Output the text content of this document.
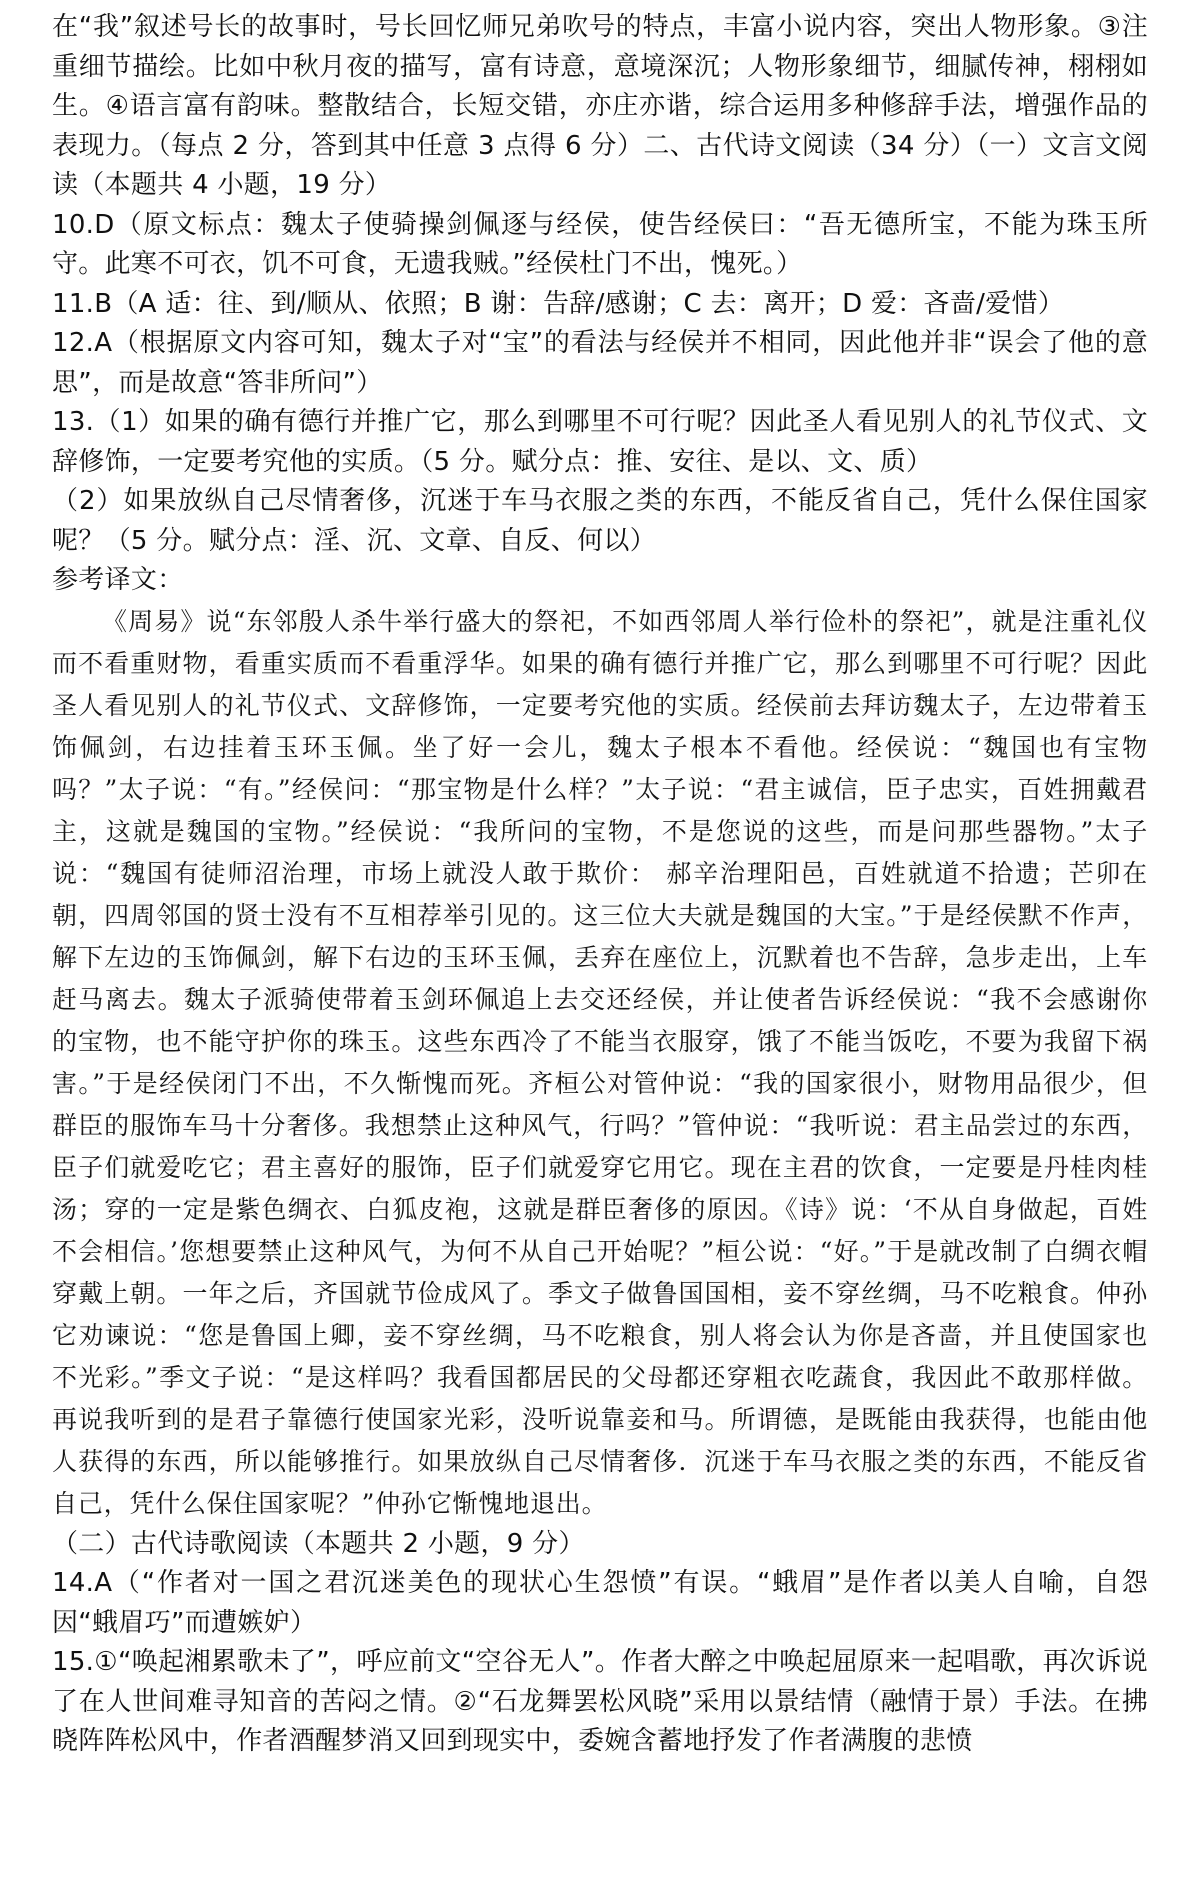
在“我”叙述号长的故事时，号长回忆师兄弟吹号的特点，丰富小说内容，突出人物形象。③注重细节描绘。比如中秋月夜的描写，富有诗意，意境深沉；人物形象细节，细腻传神，栩栩如生。④语言富有韵味。整散结合，长短交错，亦庄亦谐，综合运用多种修辞手法，增强作品的表现力。（每点 2 分，答到其中任意 3 点得 6 分）二、古代诗文阅读（34 分）（一）文言文阅读（本题共 4 小题，19 分）

10.D（原文标点：魏太子使骑操剑佩逐与经侯，使告经侯曰：“吾无德所宝，不能为珠玉所守。此寒不可衣，饥不可食，无遗我贼。”经侯杜门不出，愧死。）

11.B（A 适：往、到/顺从、依照；B 谢：告辞/感谢；C 去：离开；D 爱：吝啬/爱惜）

12.A（根据原文内容可知，魏太子对“宝”的看法与经侯并不相同，因此他并非“误会了他的意思”，而是故意“答非所问”）

13.（1）如果的确有德行并推广它，那么到哪里不可行呢？因此圣人看见别人的礼节仪式、文辞修饰，一定要考究他的实质。（5 分。赋分点：推、安往、是以、文、质）

（2）如果放纵自己尽情奢侈，沉迷于车马衣服之类的东西，不能反省自己，凭什么保住国家呢？（5 分。赋分点：淫、沉、文章、自反、何以）

参考译文：

《周易》说“东邻殷人杀牛举行盛大的祭祀，不如西邻周人举行俭朴的祭祀”，就是注重礼仪而不看重财物，看重实质而不看重浮华。如果的确有德行并推广它，那么到哪里不可行呢？因此圣人看见别人的礼节仪式、文辞修饰，一定要考究他的实质。经侯前去拜访魏太子，左边带着玉饰佩剑，右边挂着玉环玉佩。坐了好一会儿，魏太子根本不看他。经侯说：“魏国也有宝物吗？”太子说：“有。”经侯问：“那宝物是什么样？”太子说：“君主诚信，臣子忠实，百姓拥戴君主，这就是魏国的宝物。”经侯说：“我所问的宝物，不是您说的这些，而是问那些器物。”太子说：“魏国有徒师沼治理，市场上就没人敢于欺价： 郝辛治理阳邑，百姓就道不拾遗；芒卯在朝，四周邻国的贤士没有不互相荐举引见的。这三位大夫就是魏国的大宝。”于是经侯默不作声，解下左边的玉饰佩剑，解下右边的玉环玉佩，丢弃在座位上，沉默着也不告辞，急步走出，上车赶马离去。魏太子派骑使带着玉剑环佩追上去交还经侯，并让使者告诉经侯说：“我不会感谢你的宝物，也不能守护你的珠玉。这些东西冷了不能当衣服穿，饿了不能当饭吃，不要为我留下祸害。”于是经侯闭门不出，不久惭愧而死。齐桓公对管仲说：“我的国家很小，财物用品很少，但群臣的服饰车马十分奢侈。我想禁止这种风气，行吗？”管仲说：“我听说：君主品尝过的东西，臣子们就爱吃它；君主喜好的服饰，臣子们就爱穿它用它。现在主君的饮食，一定要是丹桂肉桂汤；穿的一定是紫色绸衣、白狐皮袍，这就是群臣奢侈的原因。《诗》说：‘不从自身做起，百姓不会相信。’您想要禁止这种风气，为何不从自己开始呢？”桓公说：“好。”于是就改制了白绸衣帽穿戴上朝。一年之后，齐国就节俭成风了。季文子做鲁国国相，妾不穿丝绸，马不吃粮食。仲孙它劝谏说：“您是鲁国上卿，妾不穿丝绸，马不吃粮食，别人将会认为你是吝啬，并且使国家也不光彩。”季文子说：“是这样吗？我看国都居民的父母都还穿粗衣吃蔬食，我因此不敢那样做。再说我听到的是君子靠德行使国家光彩，没听说靠妾和马。所谓德，是既能由我获得，也能由他人获得的东西，所以能够推行。如果放纵自己尽情奢侈．沉迷于车马衣服之类的东西，不能反省自己，凭什么保住国家呢？”仲孙它惭愧地退出。

（二）古代诗歌阅读（本题共 2 小题，9 分）

14.A（“作者对一国之君沉迷美色的现状心生怨愤”有误。“蛾眉”是作者以美人自喻，自怨因“蛾眉巧”而遭嫉妒）

15.①“唤起湘累歌未了”，呼应前文“空谷无人”。作者大醉之中唤起屈原来一起唱歌，再次诉说了在人世间难寻知音的苦闷之情。②“石龙舞罢松风晓”采用以景结情（融情于景）手法。在拂晓阵阵松风中，作者酒醒梦消又回到现实中，委婉含蓄地抒发了作者满腹的悲愤
